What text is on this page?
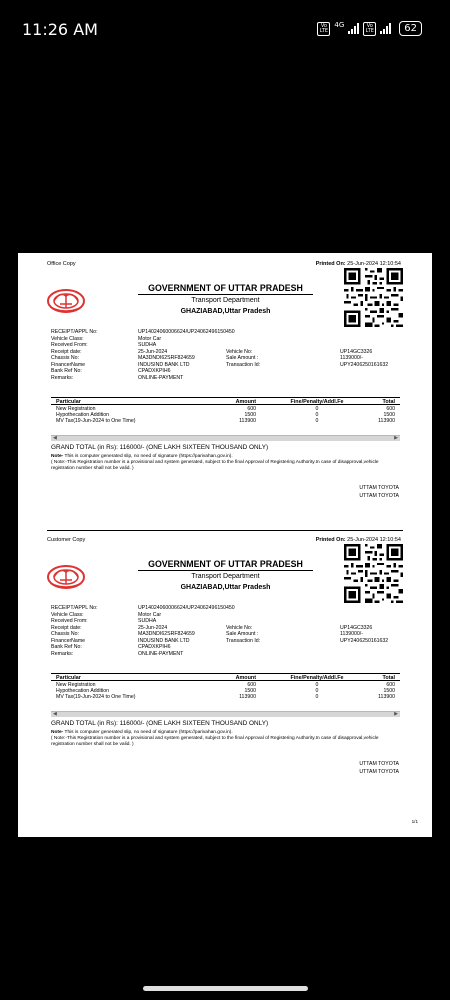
11:26 AM	Vo LTE
4G	Vo LTE	62
Office Copy	Printed On: 25-Jun-2024 12:10:54
GOVERNMENT OF UTTAR PRADESH
Transport Department
GHAZIABAD,Uttar Pradesh
RECEIPT/APPL No:	UP14024060006624/UP24062496150450
Vehicle Class:	Motor Car
Received From:	SUDHA
Receipt date:	25-Jun-2024	Vehicle No:	UP14GC3326
Chassis No:	MA3DNDI62SRF824659	Sale Amount :	1139000/-
FinancerName	INDUSIND BANK LTD	Transaction Id:	UPY2406250161632
Bank Ref No:	CPADXKPIH6
Remarks:	ONLINE-PAYMENT
Particular	Amount	Fine/Penalty/Addl.Fe	Total
New Registration	600	0	600
Hypothecation Addition	1500	0	1500
MV Tax(19-Jun-2024 to One Time)	113900	0	113900
◀	▶
GRAND TOTAL (in Rs): 116000/- (ONE LAKH SIXTEEN THOUSAND ONLY)
Note- This is computer generated slip, no need of signature (https://parivahan.gov.in).
( Note:-This Registration number is a provisional and system generated, subject to the final Approval of Registering Authority.In case of disapproval,vehicle registration number shall not be valid. )
UTTAM TOYOTA
UTTAM TOYOTA
Customer Copy	Printed On: 25-Jun-2024 12:10:54
GOVERNMENT OF UTTAR PRADESH
Transport Department
GHAZIABAD,Uttar Pradesh
RECEIPT/APPL No:	UP14024060006624/UP24062496150450
Vehicle Class:	Motor Car
Received From:	SUDHA
Receipt date:	25-Jun-2024	Vehicle No:	UP14GC3326
Chassis No:	MA3DNDI62SRF824659	Sale Amount :	1139000/-
FinancerName	INDUSIND BANK LTD	Transaction Id:	UPY2406250161632
Bank Ref No:	CPADXKPIH6
Remarks:	ONLINE-PAYMENT
Particular	Amount	Fine/Penalty/Addl.Fe	Total
New Registration	600	0	600
Hypothecation Addition	1500	0	1500
MV Tax(19-Jun-2024 to One Time)	113900	0	113900
◀	▶
GRAND TOTAL (in Rs): 116000/- (ONE LAKH SIXTEEN THOUSAND ONLY)
Note- This is computer generated slip, no need of signature (https://parivahan.gov.in).
( Note:-This Registration number is a provisional and system generated, subject to the final Approval of Registering Authority.In case of disapproval,vehicle registration number shall not be valid. )
UTTAM TOYOTA
UTTAM TOYOTA
1/1
